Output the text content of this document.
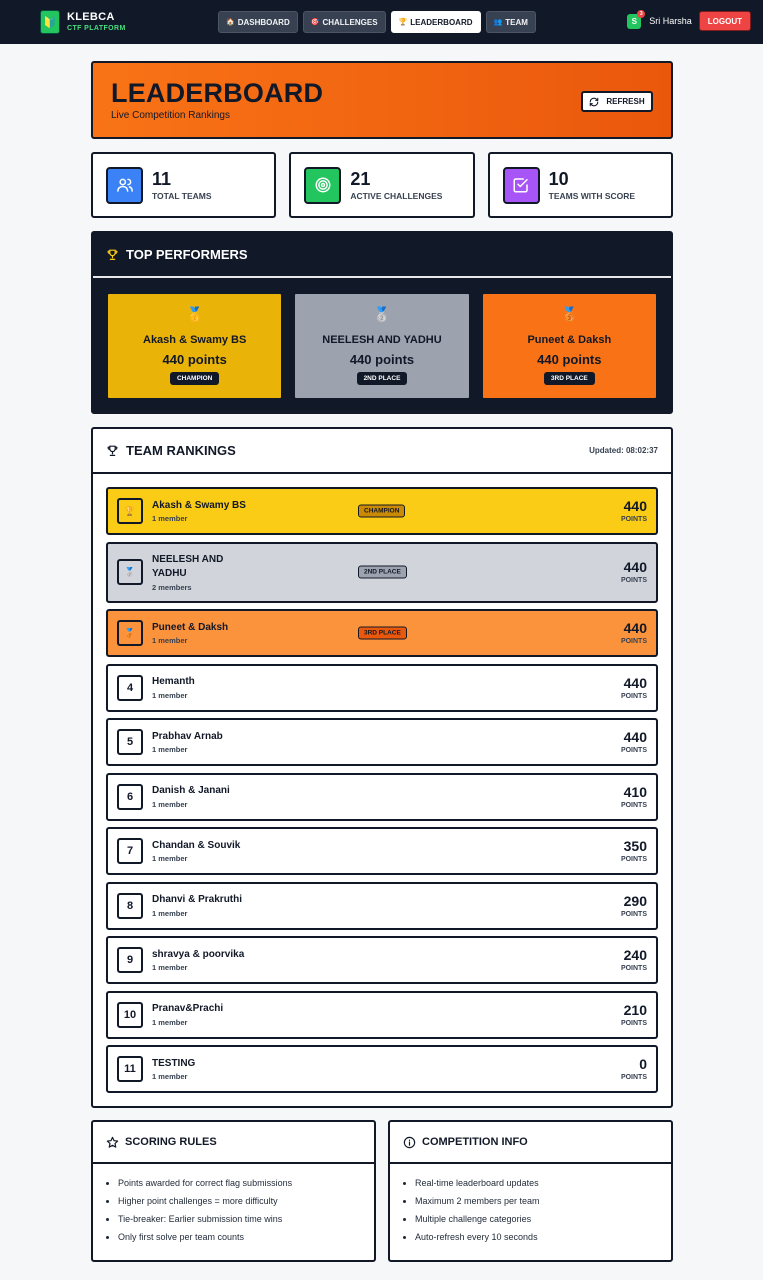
🔰 KLEBCA
CTF PLATFORM
🏠 DASHBOARD	🎯 CHALLENGES	🏆 LEADERBOARD	👥 TEAM	S
3
Sri Harsha	LOGOUT
LEADERBOARD
Live Competition Rankings
REFRESH
11
TOTAL TEAMS
21
ACTIVE CHALLENGES
10
TEAMS WITH SCORE
TOP PERFORMERS
🥇
Akash & Swamy BS
440 points
CHAMPION
🥈
NEELESH AND YADHU
440 points
2ND PLACE
🥉
Puneet & Daksh
440 points
3RD PLACE
TEAM RANKINGS	Updated: 08:02:37
🏆	Akash & Swamy BS
1 member
CHAMPION	440
POINTS
🥈
NEELESH AND YADHU
2 members
2ND PLACE	440
POINTS
🥉	Puneet & Daksh
1 member
3RD PLACE	440
POINTS
4	Hemanth
1 member
440
POINTS
5	Prabhav Arnab
1 member
440
POINTS
6	Danish & Janani
1 member
410
POINTS
7	Chandan & Souvik
1 member
350
POINTS
8	Dhanvi & Prakruthi
1 member
290
POINTS
9	shravya & poorvika
1 member
240
POINTS
10	Pranav&Prachi
1 member
210
POINTS
11	TESTING
1 member
0
POINTS
SCORING RULES
• Points awarded for correct flag submissions
• Higher point challenges = more difficulty
• Tie-breaker: Earlier submission time wins
• Only first solve per team counts
COMPETITION INFO
• Real-time leaderboard updates
• Maximum 2 members per team
• Multiple challenge categories
• Auto-refresh every 10 seconds
